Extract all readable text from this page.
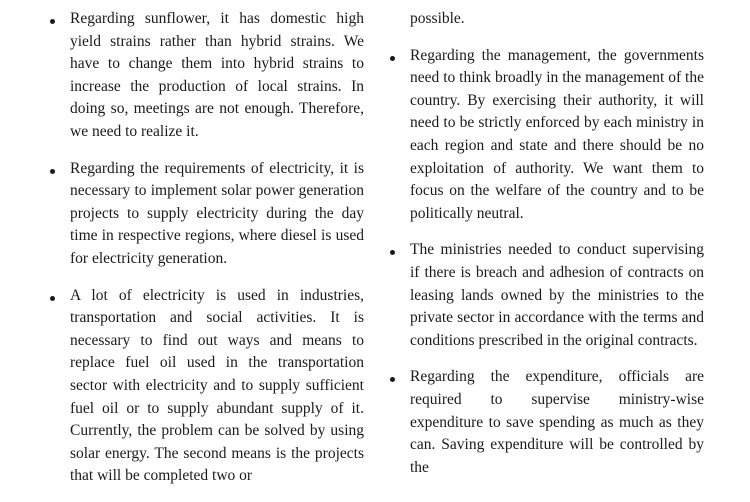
Regarding sunflower, it has domestic high yield strains rather than hybrid strains. We have to change them into hybrid strains to increase the production of local strains. In doing so, meetings are not enough. Therefore, we need to realize it.
Regarding the requirements of electricity, it is necessary to implement solar power generation projects to supply electricity during the day time in respective regions, where diesel is used for electricity generation.
A lot of electricity is used in industries, transportation and social activities. It is necessary to find out ways and means to replace fuel oil used in the transportation sector with electricity and to supply sufficient fuel oil or to supply abundant supply of it. Currently, the problem can be solved by using solar energy. The second means is the projects that will be completed two or
possible.
Regarding the management, the governments need to think broadly in the management of the country. By exercising their authority, it will need to be strictly enforced by each ministry in each region and state and there should be no exploitation of authority. We want them to focus on the welfare of the country and to be politically neutral.
The ministries needed to conduct supervising if there is breach and adhesion of contracts on leasing lands owned by the ministries to the private sector in accordance with the terms and conditions prescribed in the original contracts.
Regarding the expenditure, officials are required to supervise ministry-wise expenditure to save spending as much as they can. Saving expenditure will be controlled by the
